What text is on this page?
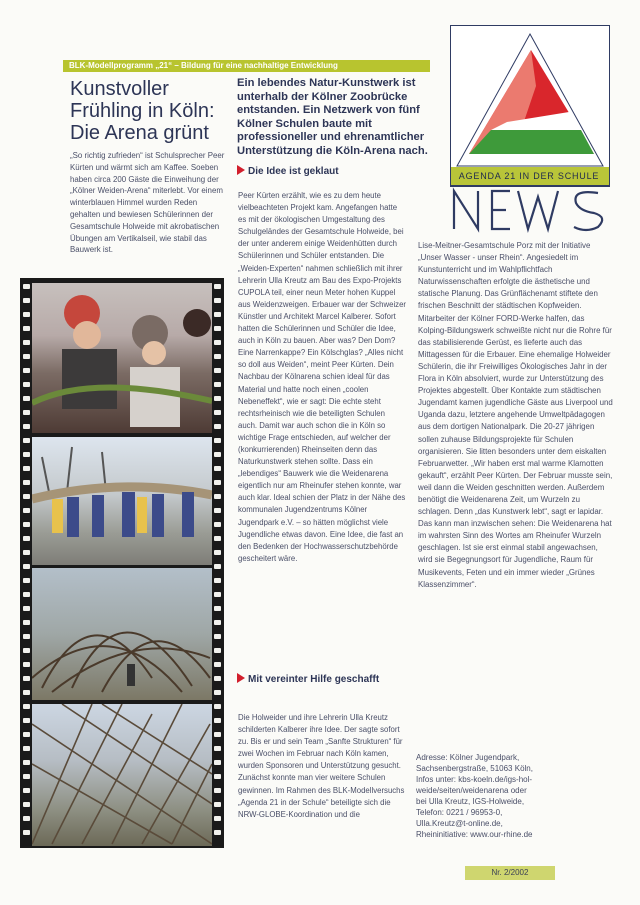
BLK-Modellprogramm „21“ – Bildung für eine nachhaltige Entwicklung
Kunstvoller
Frühling in Köln:
Die Arena grünt
„So richtig zufrieden“ ist Schulsprecher Peer Kürten und wärmt sich am Kaffee. Soeben haben circa 200 Gäste die Einweihung der „Kölner Weiden-Arena“ miterlebt. Vor einem winterblauen Himmel wurden Reden gehalten und bewiesen Schülerinnen der Gesamtschule Holweide mit akrobatischen Übungen am Vertikalseil, wie stabil das Bauwerk ist.
Ein lebendes Natur-Kunstwerk ist unterhalb der Kölner Zoobrücke entstanden. Ein Netzwerk von fünf Kölner Schulen baute mit professioneller und ehrenamtlicher Unterstützung die Köln-Arena nach.
AGENDA 21 IN DER SCHULE
Die Idee ist geklaut
Peer Kürten erzählt, wie es zu dem heute vielbeachteten Projekt kam. Angefangen hatte es mit der ökologischen Umgestaltung des Schulgeländes der Gesamtschule Holweide, bei der unter anderem einige Weidenhütten durch Schülerinnen und Schüler entstanden. Die „Weiden-Experten“ nahmen schließlich mit ihrer Lehrerin Ulla Kreutz am Bau des Expo-Projekts CUPOLA teil, einer neun Meter hohen Kuppel aus Weidenzweigen. Erbauer war der Schweizer Künstler und Architekt Marcel Kalberer. Sofort hatten die Schülerinnen und Schüler die Idee, auch in Köln zu bauen. Aber was? Den Dom? Eine Narrenkappe? Ein Kölschglas? „Alles nicht so doll aus Weiden“, meint Peer Kürten. Dein Nachbau der Kölnarena schien ideal für das Material und hatte noch einen „coolen Nebeneffekt“, wie er sagt: Die echte steht rechtsrheinisch wie die beteiligten Schulen auch. Damit war auch schon die in Köln so wichtige Frage entschieden, auf welcher der (konkurrierenden) Rheinseiten denn das Naturkunstwerk stehen sollte. Dass ein „lebendiges“ Bauwerk wie die Weidenarena eigentlich nur am Rheinufer stehen konnte, war auch klar. Ideal schien der Platz in der Nähe des kommunalen Jugendzentrums Kölner Jugendpark e.V. – so hätten möglichst viele Jugendliche etwas davon. Eine Idee, die fast an den Bedenken der Hochwasserschutzbehörde gescheitert wäre.
Mit vereinter Hilfe geschafft
Die Holweider und ihre Lehrerin Ulla Kreutz schilderten Kalberer ihre Idee. Der sagte sofort zu. Bis er und sein Team „Sanfte Strukturen“ für zwei Wochen im Februar nach Köln kamen, wurden Sponsoren und Unterstützung gesucht. Zunächst konnte man vier weitere Schulen gewinnen. Im Rahmen des BLK-Modellversuchs „Agenda 21 in der Schule“ beteiligte sich die NRW-GLOBE-Koordination und die
Lise-Meitner-Gesamtschule Porz mit der Initiative „Unser Wasser - unser Rhein“. Angesiedelt im Kunstunterricht und im Wahlpflichtfach Naturwissenschaften erfolgte die ästhetische und statische Planung. Das Grünflächenamt stiftete den frischen Beschnitt der städtischen Kopfweiden. Mitarbeiter der Kölner FORD-Werke halfen, das Kolping-Bildungswerk schweißte nicht nur die Rohre für das stabilisierende Gerüst, es lieferte auch das Mittagessen für die Erbauer. Eine ehemalige Holweider Schülerin, die ihr Freiwilliges Ökologisches Jahr in der Flora in Köln absolviert, wurde zur Unterstützung des Projektes abgestellt. Über Kontakte zum städtischen Jugendamt kamen jugendliche Gäste aus Liverpool und Uganda dazu, letztere angehende Umweltpädagogen aus dem dortigen Nationalpark. Die 20-27 jährigen sollen zuhause Bildungsprojekte für Schulen organisieren. Sie litten besonders unter dem eiskalten Februarwetter. „Wir haben erst mal warme Klamotten gekauft“, erzählt Peer Kürten. Der Februar musste sein, weil dann die Weiden geschnitten werden. Außerdem benötigt die Weidenarena Zeit, um Wurzeln zu schlagen. Denn „das Kunstwerk lebt“, sagt er lapidar. Das kann man inzwischen sehen: Die Weidenarena hat im wahrsten Sinn des Wortes am Rheinufer Wurzeln geschlagen. Ist sie erst einmal stabil angewachsen, wird sie Begegnungsort für Jugendliche, Raum für Musikevents, Feten und ein immer wieder „Grünes Klassenzimmer“.
Adresse: Kölner Jugendpark,
Sachsenbergstraße, 51063 Köln,
Infos unter: kbs-koeln.de/igs-hol-
weide/seiten/weidenarena oder
bei Ulla Kreutz, IGS-Holweide,
Telefon: 0221 / 96953-0,
Ulla.Kreutz@t-online.de,
Rheininitiative: www.our-rhine.de
Nr. 2/2002
